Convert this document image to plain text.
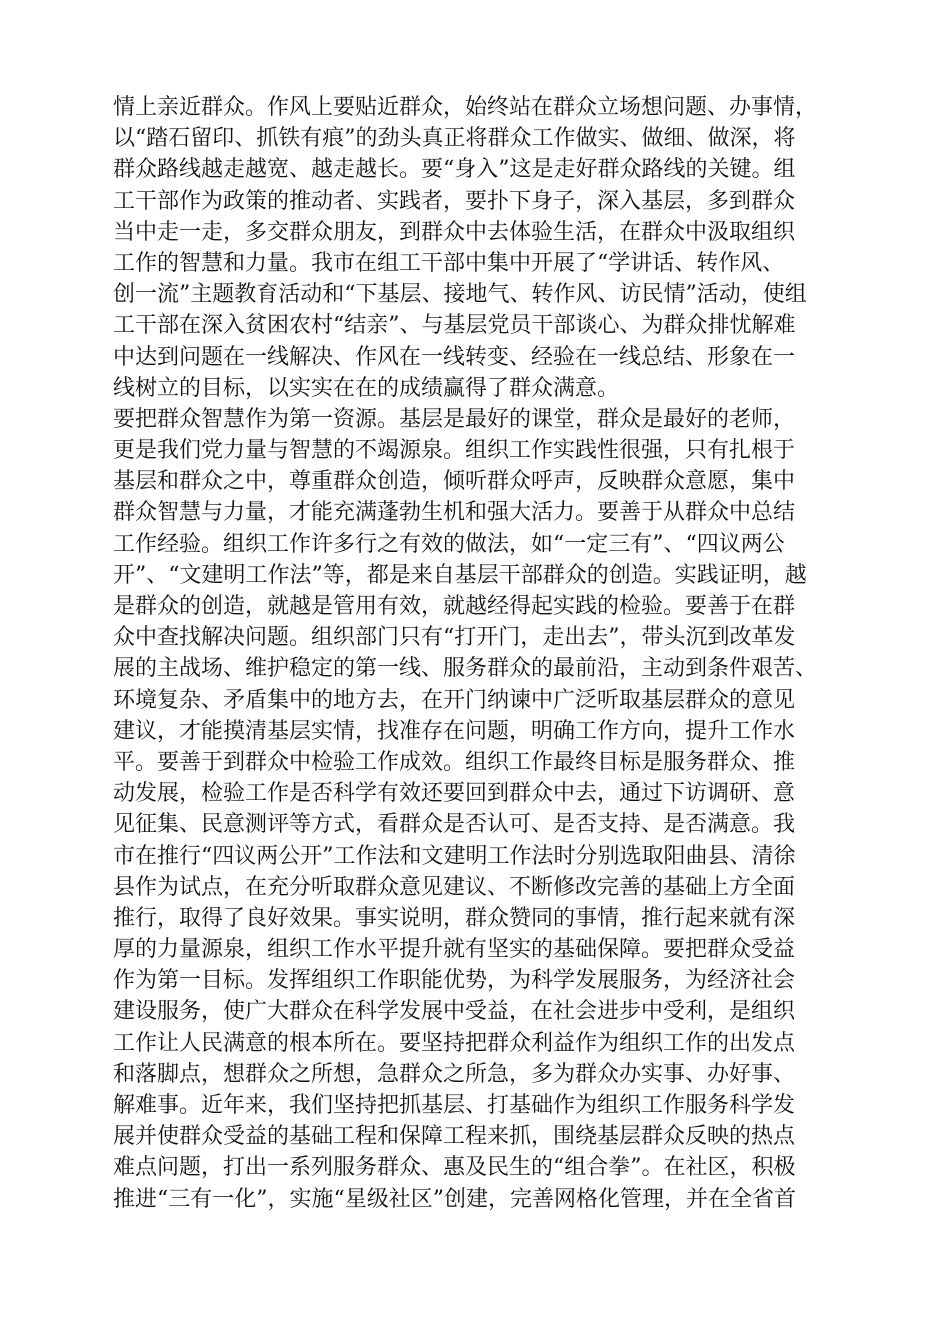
情上亲近群众。作风上要贴近群众，始终站在群众立场想问题、办事情，
以“踏石留印、抓铁有痕”的劲头真正将群众工作做实、做细、做深，将
群众路线越走越宽、越走越长。要“身入”这是走好群众路线的关键。组
工干部作为政策的推动者、实践者，要扑下身子，深入基层，多到群众
当中走一走，多交群众朋友，到群众中去体验生活，在群众中汲取组织
工作的智慧和力量。我市在组工干部中集中开展了“学讲话、转作风、
创一流”主题教育活动和“下基层、接地气、转作风、访民情”活动，使组
工干部在深入贫困农村“结亲”、与基层党员干部谈心、为群众排忧解难
中达到问题在一线解决、作风在一线转变、经验在一线总结、形象在一
线树立的目标，以实实在在的成绩赢得了群众满意。
要把群众智慧作为第一资源。基层是最好的课堂，群众是最好的老师，
更是我们党力量与智慧的不竭源泉。组织工作实践性很强，只有扎根于
基层和群众之中，尊重群众创造，倾听群众呼声，反映群众意愿，集中
群众智慧与力量，才能充满蓬勃生机和强大活力。要善于从群众中总结
工作经验。组织工作许多行之有效的做法，如“一定三有”、“四议两公
开”、“文建明工作法”等，都是来自基层干部群众的创造。实践证明，越
是群众的创造，就越是管用有效，就越经得起实践的检验。要善于在群
众中查找解决问题。组织部门只有“打开门，走出去”，带头沉到改革发
展的主战场、维护稳定的第一线、服务群众的最前沿，主动到条件艰苦、
环境复杂、矛盾集中的地方去，在开门纳谏中广泛听取基层群众的意见
建议，才能摸清基层实情，找准存在问题，明确工作方向，提升工作水
平。要善于到群众中检验工作成效。组织工作最终目标是服务群众、推
动发展，检验工作是否科学有效还要回到群众中去，通过下访调研、意
见征集、民意测评等方式，看群众是否认可、是否支持、是否满意。我
市在推行“四议两公开”工作法和文建明工作法时分别选取阳曲县、清徐
县作为试点，在充分听取群众意见建议、不断修改完善的基础上方全面
推行，取得了良好效果。事实说明，群众赞同的事情，推行起来就有深
厚的力量源泉，组织工作水平提升就有坚实的基础保障。要把群众受益
作为第一目标。发挥组织工作职能优势，为科学发展服务，为经济社会
建设服务，使广大群众在科学发展中受益，在社会进步中受利，是组织
工作让人民满意的根本所在。要坚持把群众利益作为组织工作的出发点
和落脚点，想群众之所想，急群众之所急，多为群众办实事、办好事、
解难事。近年来，我们坚持把抓基层、打基础作为组织工作服务科学发
展并使群众受益的基础工程和保障工程来抓，围绕基层群众反映的热点
难点问题，打出一系列服务群众、惠及民生的“组合拳”。在社区，积极
推进“三有一化”，实施“星级社区”创建，完善网格化管理，并在全省首
